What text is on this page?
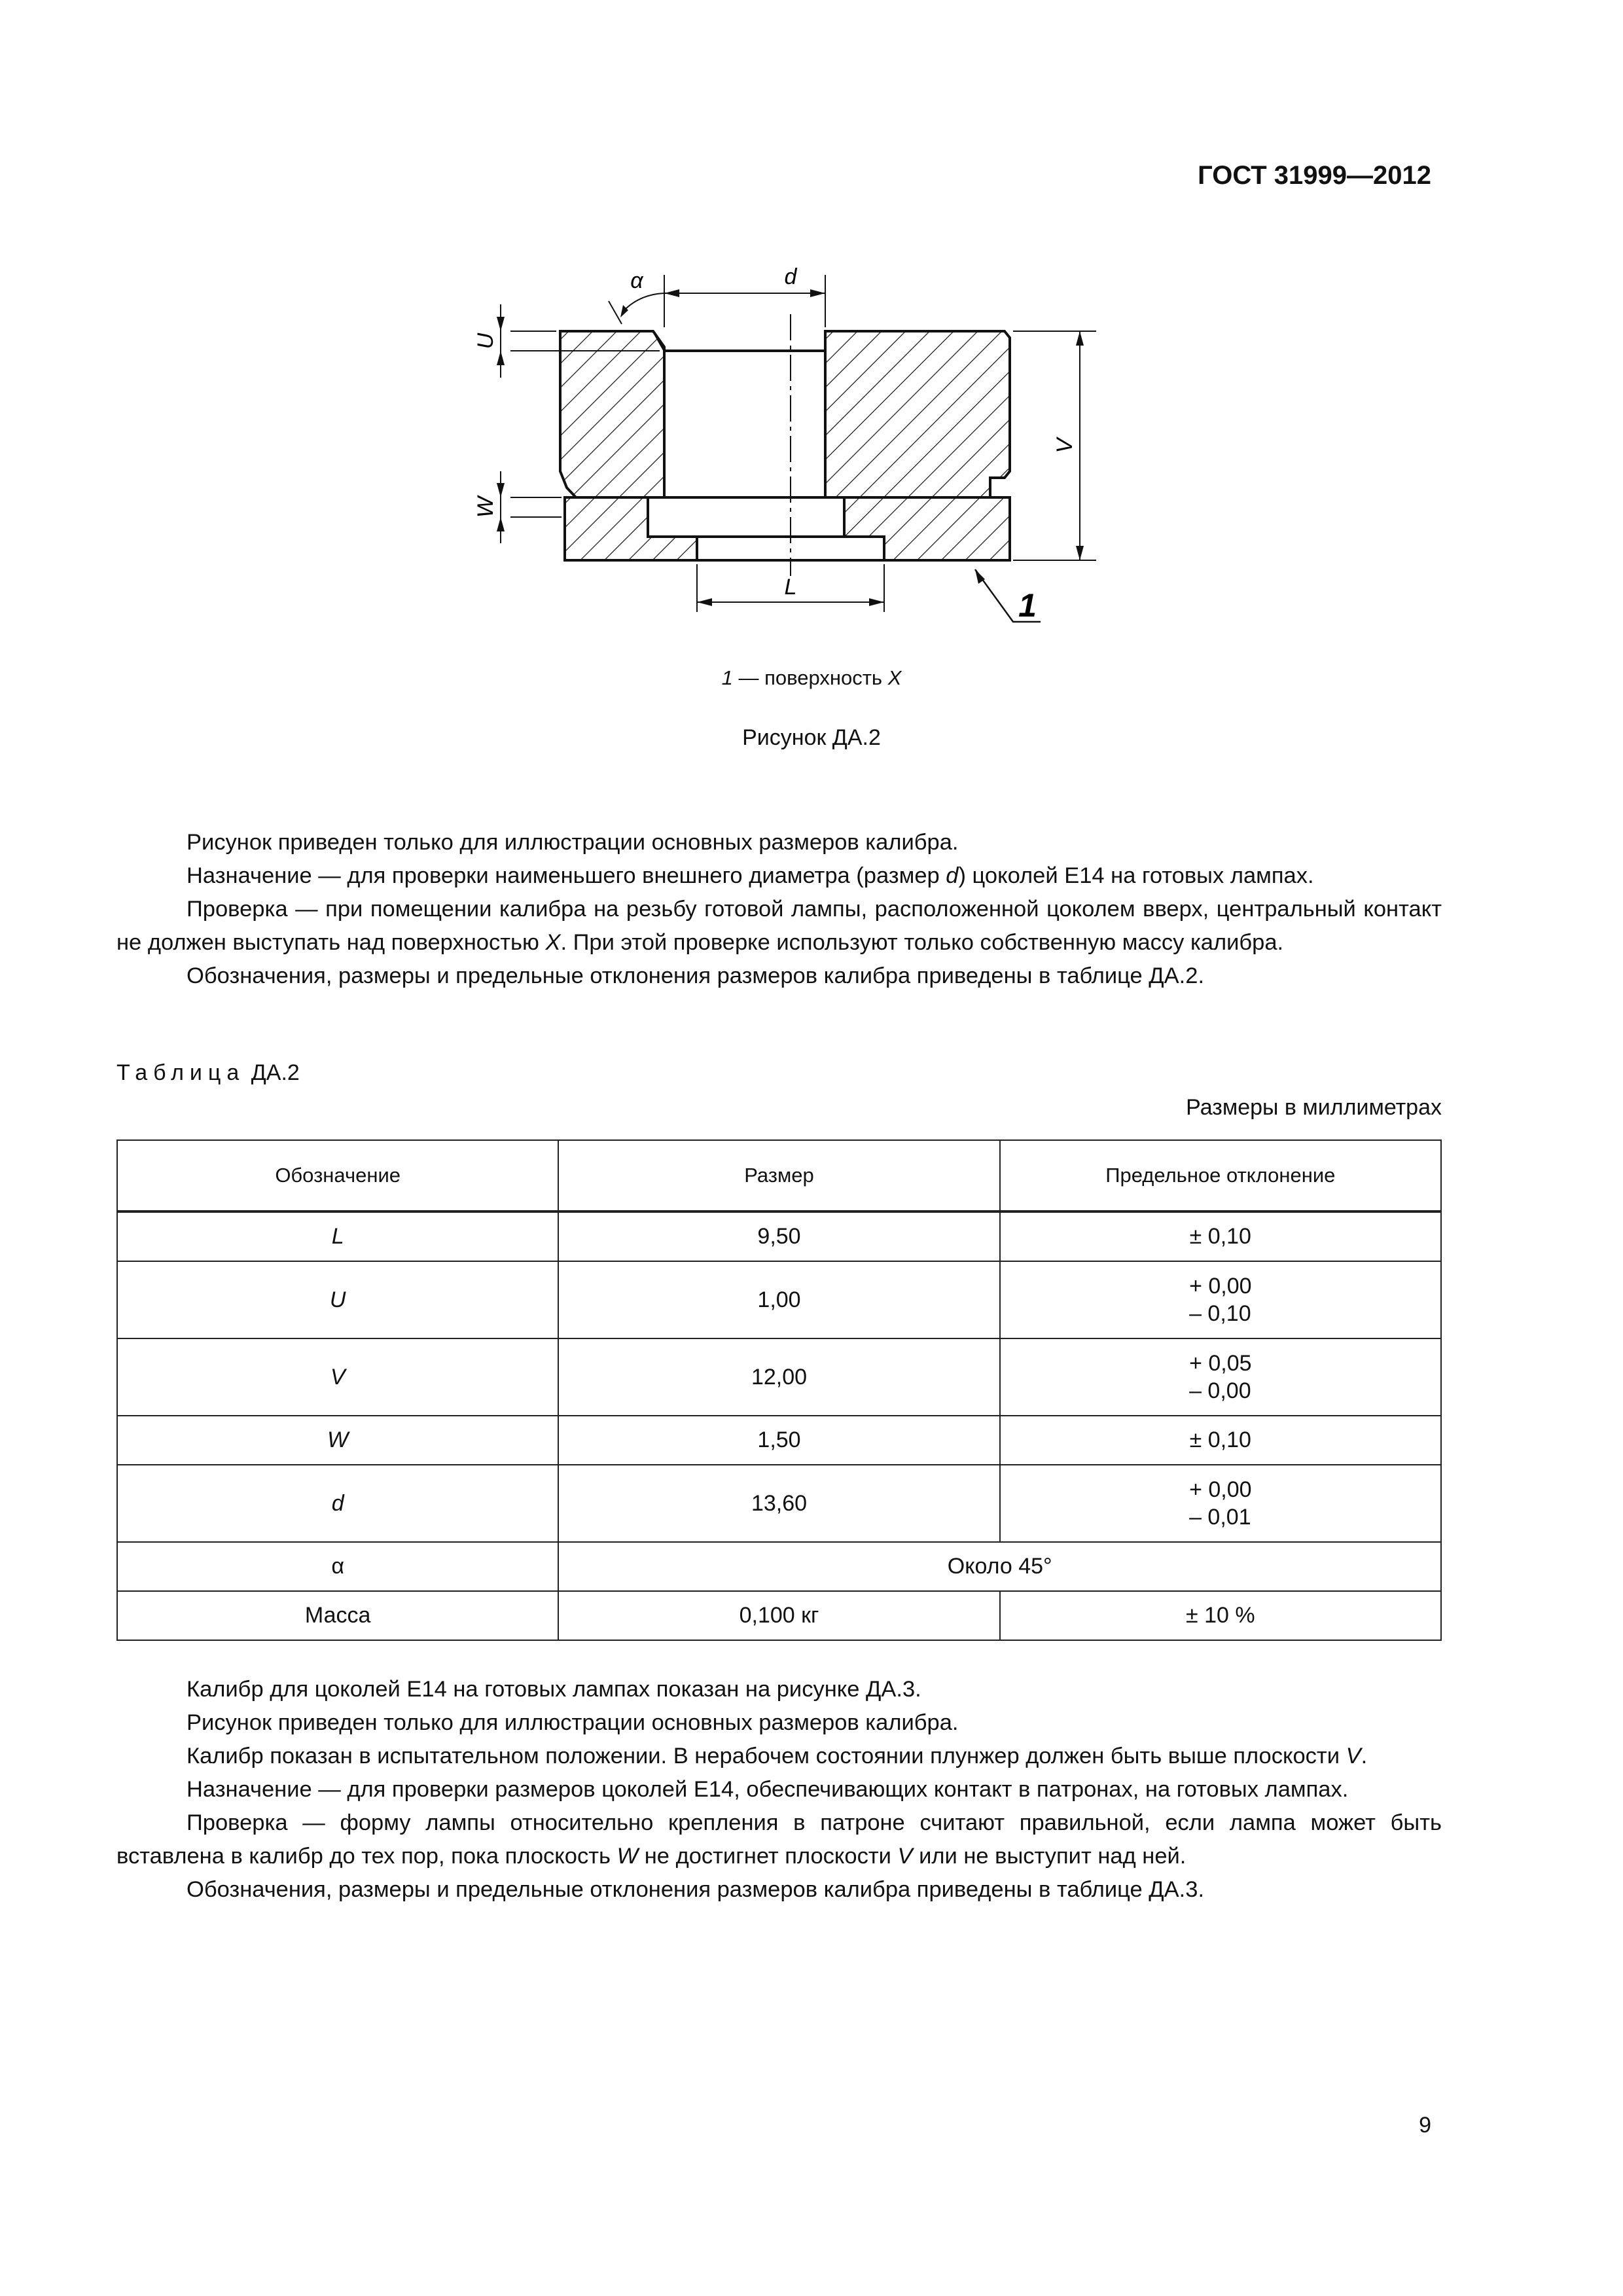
ГОСТ 31999—2012
d
α
U
W
V
L	1
1 — поверхность X
Рисунок ДА.2

Рисунок приведен только для иллюстрации основных размеров калибра.

Назначение — для проверки наименьшего внешнего диаметра (размер d) цоколей E14 на готовых лампах.

Проверка — при помещении калибра на резьбу готовой лампы, расположенной цоколем вверх, центральный контакт не должен выступать над поверхностью X. При этой проверке используют только собственную массу калибра.

Обозначения, размеры и предельные отклонения размеров калибра приведены в таблице ДА.2.

Таблица ДА.2
Размеры в миллиметрах
Обозначение	Размер	Предельное отклонение
L	9,50	± 0,10
U	1,00	+ 0,00
– 0,10
V	12,00	+ 0,05
– 0,00
W	1,50	± 0,10
d	13,60	+ 0,00
– 0,01
α	Около 45°	
Масса	0,100 кг	± 10 %

Калибр для цоколей E14 на готовых лампах показан на рисунке ДА.3.

Рисунок приведен только для иллюстрации основных размеров калибра.

Калибр показан в испытательном положении. В нерабочем состоянии плунжер должен быть выше плоскости V.

Назначение — для проверки размеров цоколей E14, обеспечивающих контакт в патронах, на готовых лампах.

Проверка — форму лампы относительно крепления в патроне считают правильной, если лампа может быть вставлена в калибр до тех пор, пока плоскость W не достигнет плоскости V или не выступит над ней.

Обозначения, размеры и предельные отклонения размеров калибра приведены в таблице ДА.3.

9
